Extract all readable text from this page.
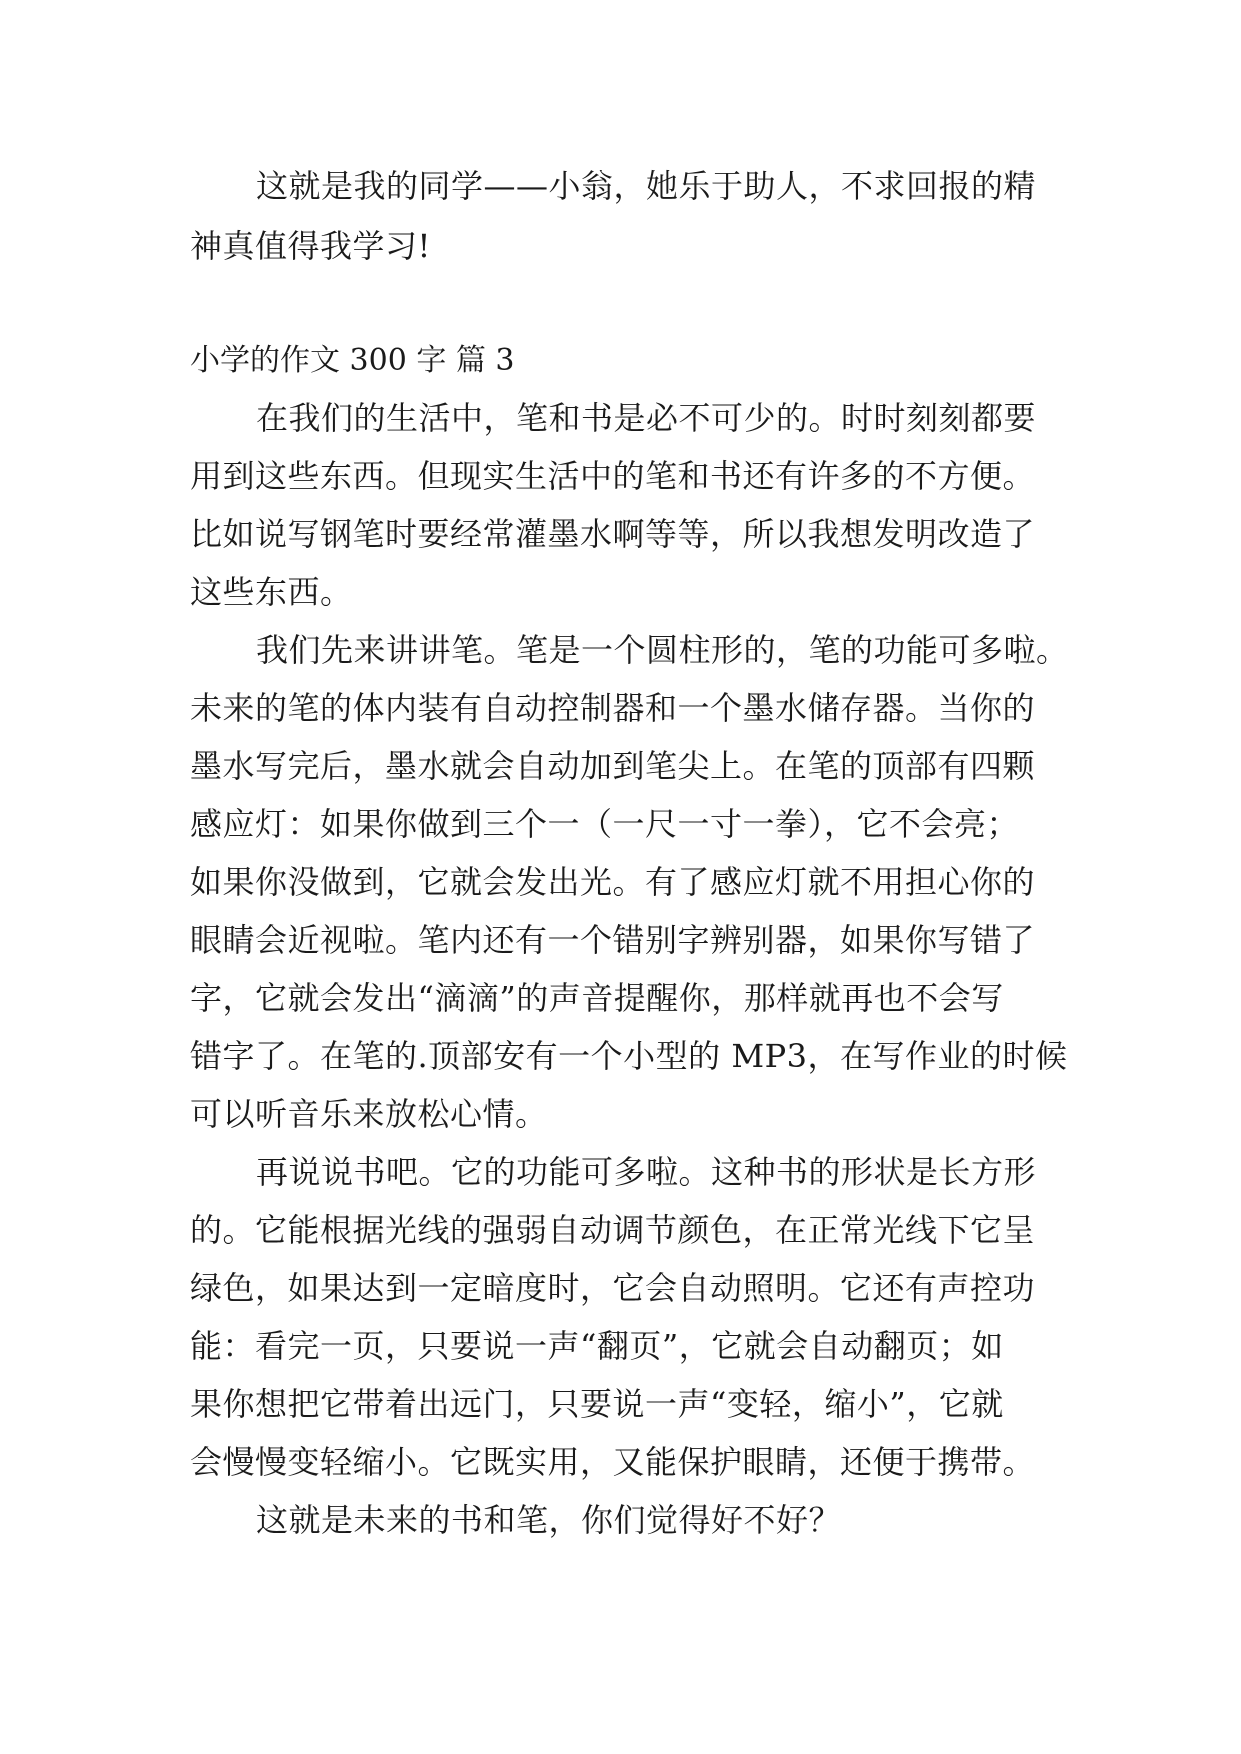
这就是我的同学——小翁，她乐于助人，不求回报的精
神真值得我学习!
小学的作文 300 字 篇 3
在我们的生活中，笔和书是必不可少的。时时刻刻都要
用到这些东西。但现实生活中的笔和书还有许多的不方便。
比如说写钢笔时要经常灌墨水啊等等，所以我想发明改造了
这些东西。
我们先来讲讲笔。笔是一个圆柱形的，笔的功能可多啦。
未来的笔的体内装有自动控制器和一个墨水储存器。当你的
墨水写完后，墨水就会自动加到笔尖上。在笔的顶部有四颗
感应灯：如果你做到三个一（一尺一寸一拳），它不会亮；
如果你没做到，它就会发出光。有了感应灯就不用担心你的
眼睛会近视啦。笔内还有一个错别字辨别器，如果你写错了
字，它就会发出“滴滴”的声音提醒你，那样就再也不会写
错字了。在笔的.顶部安有一个小型的 MP3，在写作业的时候
可以听音乐来放松心情。
再说说书吧。它的功能可多啦。这种书的形状是长方形
的。它能根据光线的强弱自动调节颜色，在正常光线下它呈
绿色，如果达到一定暗度时，它会自动照明。它还有声控功
能：看完一页，只要说一声“翻页”，它就会自动翻页；如
果你想把它带着出远门，只要说一声“变轻，缩小”，它就
会慢慢变轻缩小。它既实用，又能保护眼睛，还便于携带。
这就是未来的书和笔，你们觉得好不好？
